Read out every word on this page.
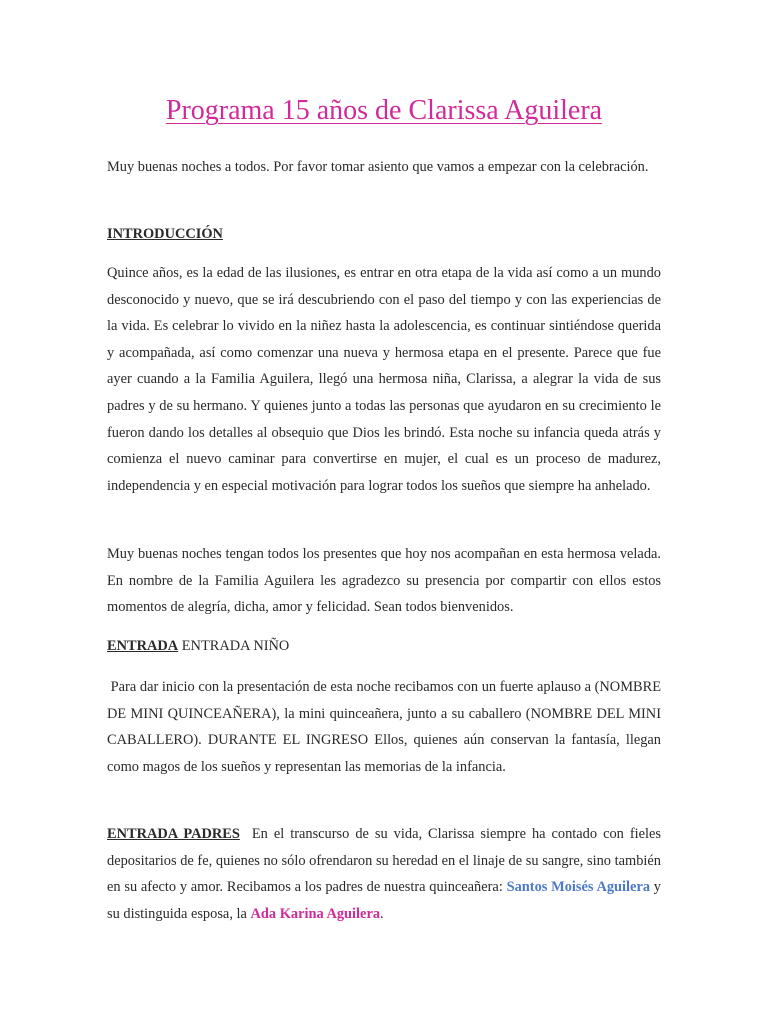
Programa 15 años de Clarissa Aguilera

Muy buenas noches a todos. Por favor tomar asiento que vamos a empezar con la celebración.

INTRODUCCIÓN

Quince años, es la edad de las ilusiones, es entrar en otra etapa de la vida así como a un mundo desconocido y nuevo, que se irá descubriendo con el paso del tiempo y con las experiencias de la vida. Es celebrar lo vivido en la niñez hasta la adolescencia, es continuar sintiéndose querida y acompañada, así como comenzar una nueva y hermosa etapa en el presente. Parece que fue ayer cuando a la Familia Aguilera, llegó una hermosa niña, Clarissa, a alegrar la vida de sus padres y de su hermano. Y quienes junto a todas las personas que ayudaron en su crecimiento le fueron dando los detalles al obsequio que Dios les brindó. Esta noche su infancia queda atrás y comienza el nuevo caminar para convertirse en mujer, el cual es un proceso de madurez, independencia y en especial motivación para lograr todos los sueños que siempre ha anhelado.

Muy buenas noches tengan todos los presentes que hoy nos acompañan en esta hermosa velada. En nombre de la Familia Aguilera les agradezco su presencia por compartir con ellos estos momentos de alegría, dicha, amor y felicidad. Sean todos bienvenidos.

ENTRADA ENTRADA NIÑO

Para dar inicio con la presentación de esta noche recibamos con un fuerte aplauso a (NOMBRE DE MINI QUINCEAÑERA), la mini quinceañera, junto a su caballero (NOMBRE DEL MINI CABALLERO). DURANTE EL INGRESO Ellos, quienes aún conservan la fantasía, llegan como magos de los sueños y representan las memorias de la infancia.

ENTRADA PADRES  En el transcurso de su vida, Clarissa siempre ha contado con fieles depositarios de fe, quienes no sólo ofrendaron su heredad en el linaje de su sangre, sino también en su afecto y amor. Recibamos a los padres de nuestra quinceañera: Santos Moisés Aguilera y su distinguida esposa, la Ada Karina Aguilera.
